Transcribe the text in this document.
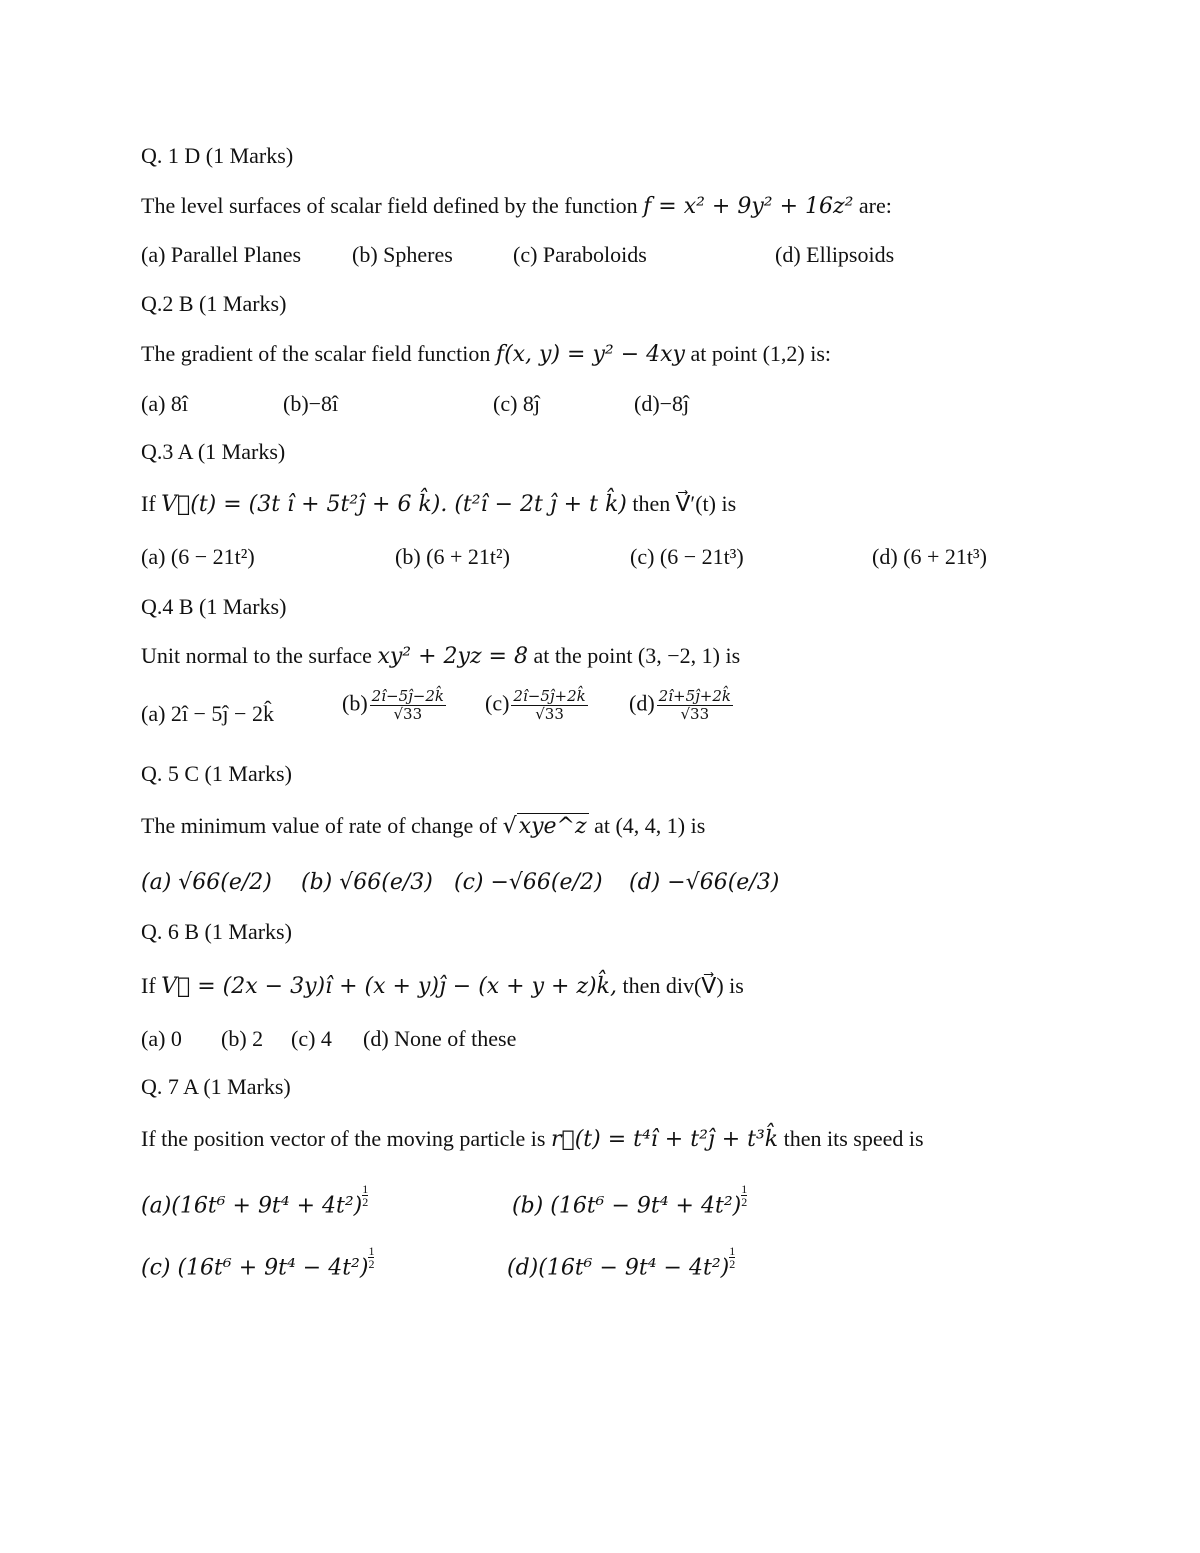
Q. 1 D (1 Marks)
The level surfaces of scalar field defined by the function f = x² + 9y² + 16z² are:
(a) Parallel Planes (b) Spheres	(c) Paraboloids	(d) Ellipsoids
Q.2 B (1 Marks)
The gradient of the scalar field function f(x, y) = y² − 4xy at point (1,2) is:
(a) 8î	(b)−8î	(c) 8ĵ	(d)−8ĵ
Q.3 A (1 Marks)
If V⃗(t) = (3t î + 5t²ĵ + 6 k̂). (t²î − 2t ĵ + t k̂) then V⃗′(t) is
(a) (6 − 21t²)	(b) (6 + 21t²)	(c) (6 − 21t³)	(d) (6 + 21t³)
Q.4 B (1 Marks)
Unit normal to the surface xy² + 2yz = 8 at the point (3, −2, 1) is
(a) 2î − 5ĵ − 2k̂	$(b) \frac{2î-5ĵ-2k̂}{√33} (c) \frac{2î-5ĵ+2k̂}{√33} (d) \frac{2î+5ĵ+2k̂}{√33}$
Q. 5 C (1 Marks)
The minimum value of rate of change of √xye^z at (4, 4, 1) is
(a) √66(e/2) (b) √66(e/3) (c) −√66(e/2) (d) −√66(e/3)
Q. 6 B (1 Marks)
If V⃗ = (2x − 3y)î + (x + y)ĵ − (x + y + z)k̂, then div(V⃗) is
(a) 0 (b) 2 (c) 4 (d) None of these
Q. 7 A (1 Marks)
If the position vector of the moving particle is r⃗(t) = t⁴î + t²ĵ + t³k̂ then its speed is
$(a)(16t^6 + 9t^4 + 4t^2) \frac{1}{2}$	(b) $(16t^6 - 9t^4 + 4t^2) \frac{1}{2}$
(c) $(16t^6 + 9t^4 - 4t^2) \frac{1}{2}$	$(d)(16t^6 - 9t^4 - 4t^2) \frac{1}{2}$
